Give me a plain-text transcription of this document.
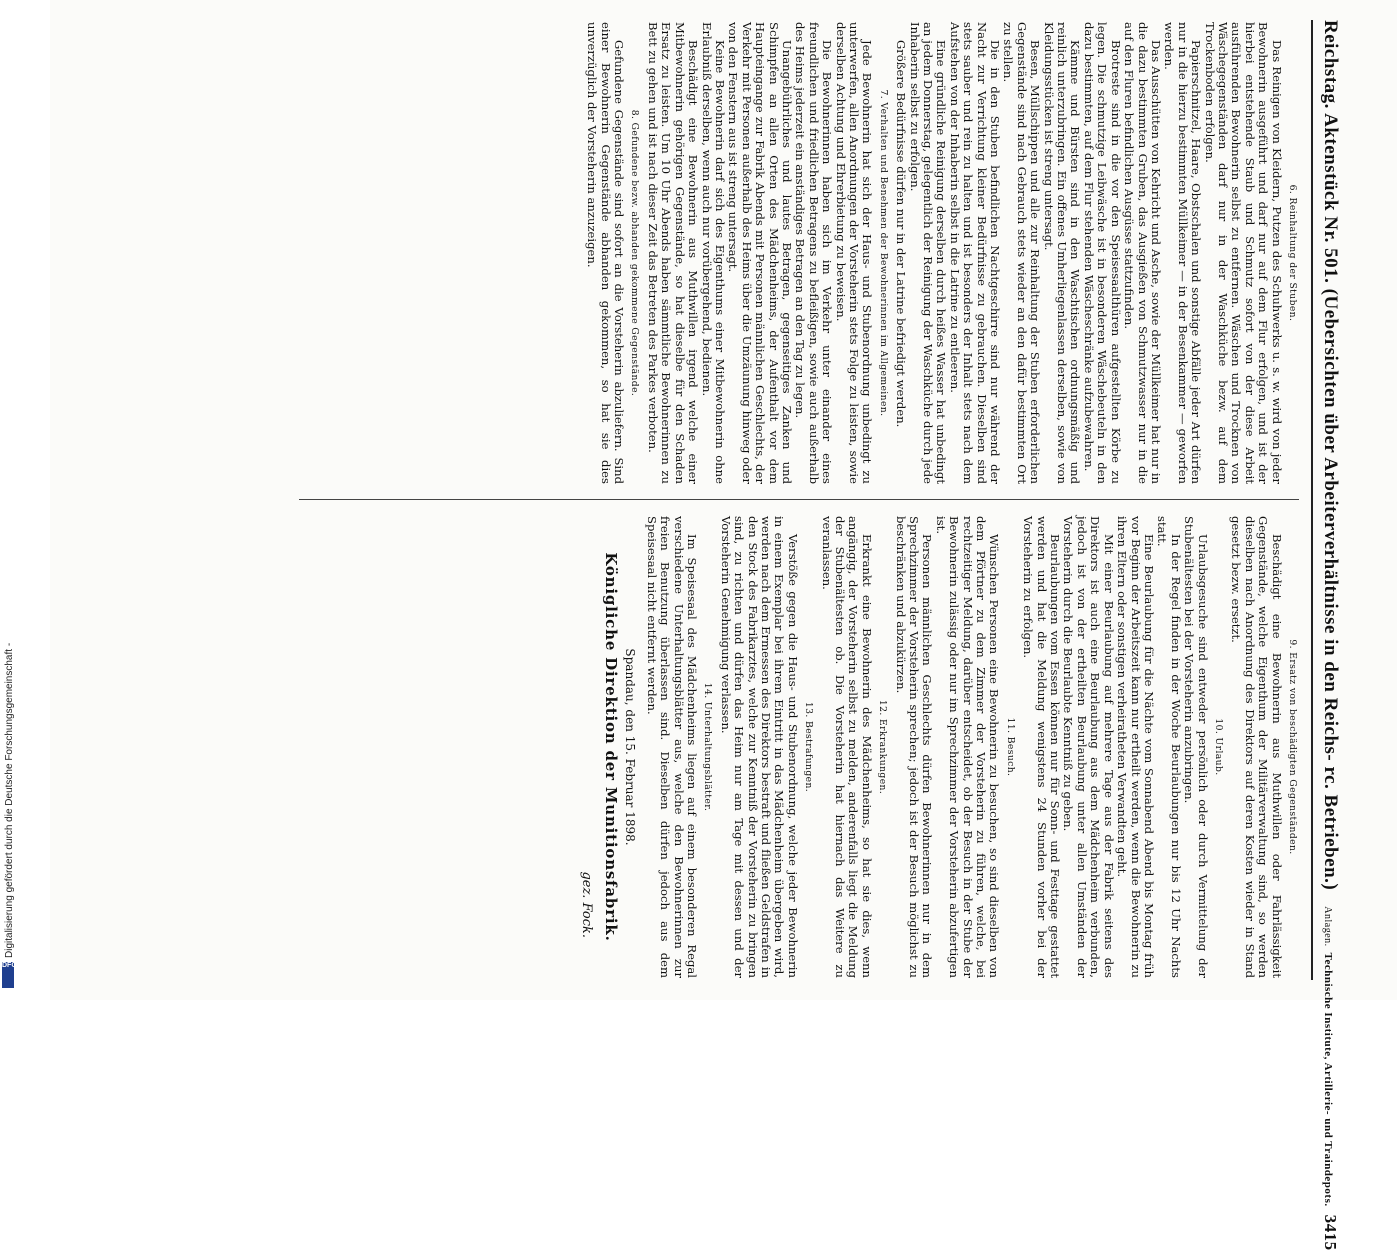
Digitalisierung gefördert durch die Deutsche Forschungsgemeinschaft -
DFG
Reichstag. Aktenstück Nr. 501. (Uebersichten über Arbeiterverhältnisse in den Reichs- rc. Betrieben.)
Anlagen.
Technische Institute, Artillerie- und Traindepots.
3415
6. Reinhaltung der Stuben.

Das Reinigen von Kleidern, Putzen des Schuhwerks u. s. w. wird von jeder Bewohnerin ausgeführt und darf nur auf dem Flur erfolgen, und ist der hierbei entstehende Staub und Schmutz sofort von der diese Arbeit ausführenden Bewohnerin selbst zu entfernen. Wäschen und Trocknen von Wäschegegenständen darf nur in der Waschküche bezw. auf dem Trockenboden erfolgen.

Papierschnitzel, Haare, Obstschalen und sonstige Abfälle jeder Art dürfen nur in die hierzu bestimmten Müllkeimer — in der Besenkammer — geworfen werden.

Das Ausschütten von Kehricht und Asche, sowie der Müllkeimer hat nur in die dazu bestimmten Gruben, das Ausgießen von Schmutzwasser nur in die auf den Fluren befindlichen Ausgüsse stattzufinden.

Brotreste sind in die vor den Speisesaalthüren aufgestellten Körbe zu legen. Die schmutzige Leibwäsche ist in besonderen Wäschebeuteln in den dazu bestimmten, auf dem Flur stehenden Wäscheschränke aufzubewahren.

Kämme und Bürsten sind in den Waschtischen ordnungsmäßig und reinlich unterzubringen. Ein offenes Umherliegenlassen derselben, sowie von Kleidungsstücken ist streng untersagt.

Besen, Müllschippen und alle zur Reinhaltung der Stuben erforderlichen Gegenstände sind nach Gebrauch stets wieder an den dafür bestimmten Ort zu stellen.

Die in den Stuben befindlichen Nachtgeschirre sind nur während der Nacht zur Verrichtung kleiner Bedürfnisse zu gebrauchen. Dieselben sind stets sauber und rein zu halten und ist besonders der Inhalt stets nach dem Aufstehen von der Inhaberin selbst in die Latrine zu entleeren.

Eine gründliche Reinigung derselben durch heißes Wasser hat unbedingt an jedem Donnerstag, gelegentlich der Reinigung der Waschküche durch jede Inhaberin selbst zu erfolgen.

Größere Bedürfnisse dürfen nur in der Latrine befriedigt werden.

7. Verhalten und Benehmen der Bewohnerinnen im Allgemeinen.

Jede Bewohnerin hat sich der Haus- und Stubenordnung unbedingt zu unterwerfen, allen Anordnungen der Vorsteherin stets Folge zu leisten, sowie derselben Achtung und Ehrerbietung zu beweisen.

Die Bewohnerinnen haben sich im Verkehr unter einander eines freundlichen und friedlichen Betragens zu befleißigen, sowie auch außerhalb des Heims jederzeit ein anständiges Betragen an den Tag zu legen.

Unangebührliches und lautes Betragen, gegenseitiges Zanken und Schimpfen an allen Orten des Mädchenheims, der Aufenthalt vor dem Haupteingange zur Fabrik Abends mit Personen männlichen Geschlechts, der Verkehr mit Personen außerhalb des Heims über die Umzäunung hinweg oder von den Fenstern aus ist streng untersagt.

Keine Bewohnerin darf sich des Eigenthums einer Mitbewohnerin ohne Erlaubniß derselben, wenn auch nur vorübergehend, bedienen.

Beschädigt eine Bewohnerin aus Muthwillen irgend welche einer Mitbewohnerin gehörigen Gegenstände, so hat dieselbe für den Schaden Ersatz zu leisten. Um 10 Uhr Abends haben sämmtliche Bewohnerinnen zu Bett zu gehen und ist nach dieser Zeit das Betreten des Parkes verboten.

8. Gefundene bezw. abhanden gekommene Gegenstände.

Gefundene Gegenstände sind sofort an die Vorsteherin abzuliefern. Sind einer Bewohnerin Gegenstände abhanden gekommen, so hat sie dies unverzüglich der Vorsteherin anzuzeigen.

9. Ersatz von beschädigten Gegenständen.

Beschädigt eine Bewohnerin aus Muthwillen oder Fahrlässigkeit Gegenstände, welche Eigenthum der Militärverwaltung sind, so werden dieselben nach Anordnung des Direktors auf deren Kosten wieder in Stand gesetzt bezw. ersetzt.

10. Urlaub.

Urlaubsgesuche sind entweder persönlich oder durch Vermittelung der Stubenältesten bei der Vorsteherin anzubringen.

In der Regel finden in der Woche Beurlaubungen nur bis 12 Uhr Nachts statt.

Eine Beurlaubung für die Nächte vom Sonnabend Abend bis Montag früh vor Beginn der Arbeitszeit kann nur ertheilt werden, wenn die Bewohnerin zu ihren Eltern oder sonstigen verheiratheten Verwandten geht.

Mit einer Beurlaubung auf mehrere Tage aus der Fabrik seitens des Direktors ist auch eine Beurlaubung aus dem Mädchenheim verbunden, jedoch ist von der ertheilten Beurlaubung unter allen Umständen der Vorsteherin durch die Beurlaubte Kenntniß zu geben.

Beurlaubungen vom Essen können nur für Sonn- und Festtage gestattet werden und hat die Meldung wenigstens 24 Stunden vorher bei der Vorsteherin zu erfolgen.

11. Besuch.

Wünschen Personen eine Bewohnerin zu besuchen, so sind dieselben von dem Pförtner zu dem Zimmer der Vorsteherin zu führen, welche, bei rechtzeitiger Meldung, darüber entscheidet, ob der Besuch in der Stube der Bewohnerin zulässig oder nur im Sprechzimmer der Vorsteherin abzufertigen ist.

Personen männlichen Geschlechts dürfen Bewohnerinnen nur in dem Sprechzimmer der Vorsteherin sprechen; jedoch ist der Besuch möglichst zu beschränken und abzukürzen.

12. Erkrankungen.

Erkrankt eine Bewohnerin des Mädchenheims, so hat sie dies, wenn angängig, der Vorsteherin selbst zu melden, anderenfalls liegt die Meldung der Stubenältesten ob. Die Vorsteherin hat hiernach das Weitere zu veranlassen.

13. Bestrafungen.

Verstöße gegen die Haus- und Stubenordnung, welche jeder Bewohnerin in einem Exemplar bei ihrem Eintritt in das Mädchenheim übergeben wird, werden nach dem Ermessen des Direktors bestraft und fließen Geldstrafen in den Stock des Fabrikarztes, welche zur Kenntniß der Vorsteherin zu bringen sind, zu richten und dürfen das Heim nur am Tage mit dessen und der Vorsteherin Genehmigung verlassen.

14. Unterhaltungsblätter.

Im Speisesaal des Mädchenheims liegen auf einem besonderen Regal verschiedene Unterhaltungsblätter aus, welche den Bewohnerinnen zur freien Benutzung überlassen sind. Dieselben dürfen jedoch aus dem Speisesaal nicht entfernt werden.

Spandau, den 15. Februar 1898.
Königliche Direktion der Munitionsfabrik.
gez. Fock.
